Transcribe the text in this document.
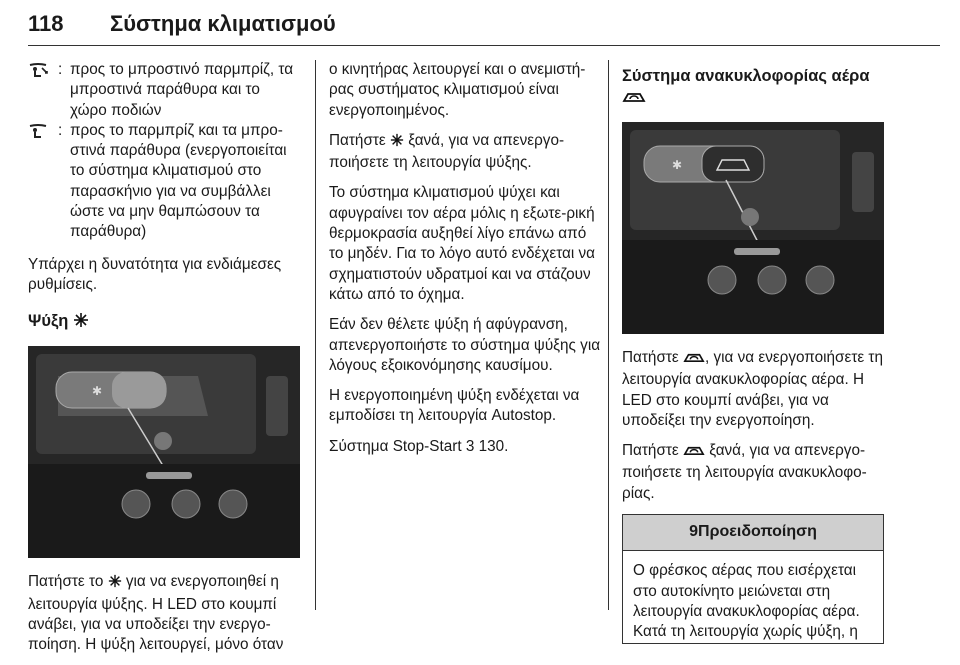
118 Σύστημα κλιματισμού
: προς το μπροστινό παρμπρίζ, τα μπροστινά παράθυρα και το χώρο ποδιών
: προς το παρμπρίζ και τα μπρο-στινά παράθυρα (ενεργοποιείται το σύστημα κλιματισμού στο παρασκήνιο για να συμβάλλει ώστε να μην θαμπώσουν τα παράθυρα)

Υπάρχει η δυνατότητα για ενδιάμεσες ρυθμίσεις.

Ψύξη
✱

Πατήστε το για να ενεργοποιηθεί η λειτουργία ψύξης. Η LED στο κουμπί ανάβει, για να υποδείξει την ενεργο-ποίηση. Η ψύξη λειτουργεί, μόνο όταν

ο κινητήρας λειτουργεί και ο ανεμιστή-ρας συστήματος κλιματισμού είναι ενεργοποιημένος.

Πατήστε ξανά, για να απενεργο-ποιήσετε τη λειτουργία ψύξης.

Το σύστημα κλιματισμού ψύχει και αφυγραίνει τον αέρα μόλις η εξωτε-ρική θερμοκρασία αυξηθεί λίγο επάνω από το μηδέν. Για το λόγο αυτό ενδέχεται να σχηματιστούν υδρατμοί και να στάζουν κάτω από το όχημα.

Εάν δεν θέλετε ψύξη ή αφύγρανση, απενεργοποιήστε το σύστημα ψύξης για λόγους εξοικονόμησης καυσίμου.

Η ενεργοποιημένη ψύξη ενδέχεται να εμποδίσει τη λειτουργία Autostop.

Σύστημα Stop-Start 3 130.

Σύστημα ανακυκλοφορίας αέρα
✱

Πατήστε , για να ενεργοποιήσετε τη λειτουργία ανακυκλοφορίας αέρα. Η LED στο κουμπί ανάβει, για να υποδείξει την ενεργοποίηση.

Πατήστε ξανά, για να απενεργο-ποιήσετε τη λειτουργία ανακυκλοφο-ρίας.

9Προειδοποίηση
Ο φρέσκος αέρας που εισέρχεται στο αυτοκίνητο μειώνεται στη λειτουργία ανακυκλοφορίας αέρα. Κατά τη λειτουργία χωρίς ψύξη, η
